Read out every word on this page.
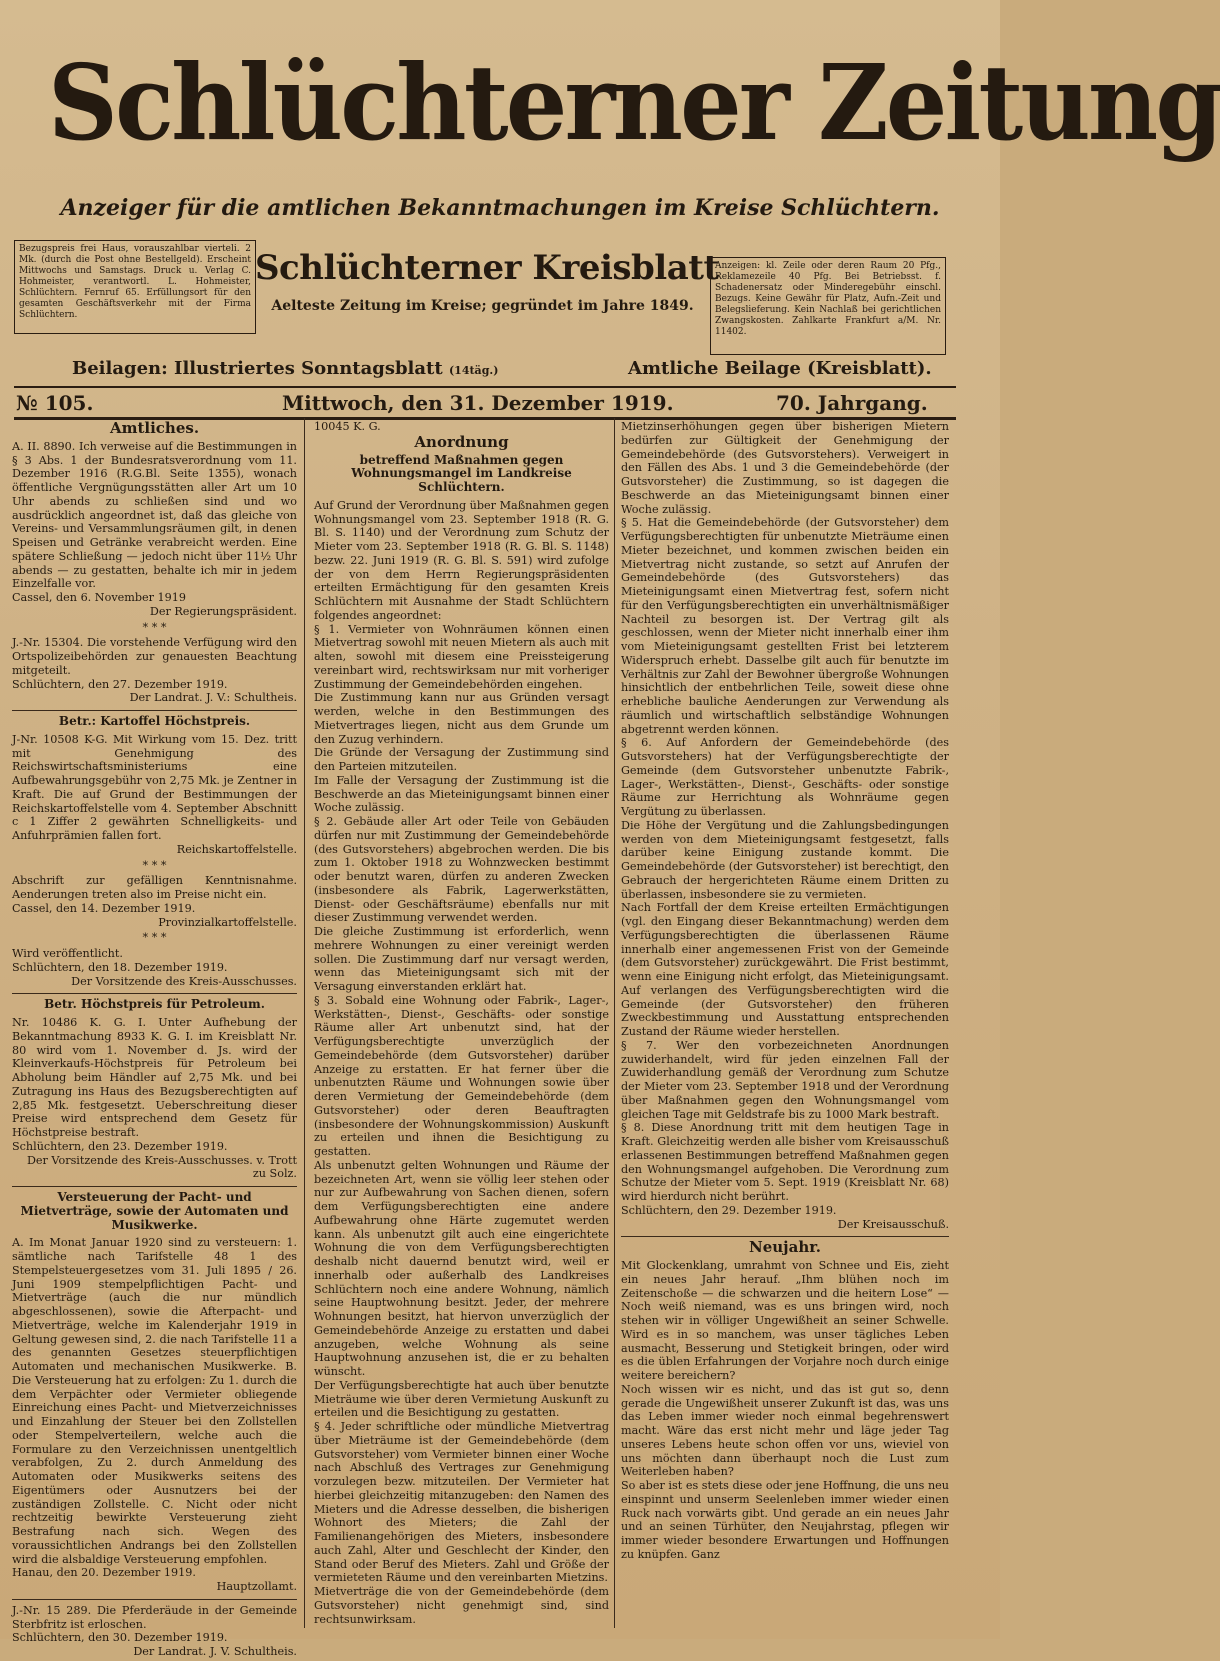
Schlüchterner Zeitung
Anzeiger für die amtlichen Bekanntmachungen im Kreise Schlüchtern.
Bezugspreis frei Haus, vorauszahlbar vierteli. 2 Mk. (durch die Post ohne Bestellgeld). Erscheint Mittwochs und Samstags. Druck u. Verlag C. Hohmeister, verantwortl. L. Hohmeister, Schlüchtern. Fernruf 65. Erfüllungsort für den gesamten Geschäftsverkehr mit der Firma Schlüchtern.
Schlüchterner Kreisblatt
Aelteste Zeitung im Kreise; gegründet im Jahre 1849.
Anzeigen: kl. Zeile oder deren Raum 20 Pfg., Reklamezeile 40 Pfg. Bei Betriebsst. f. Schadenersatz oder Minderegebühr einschl. Bezugs. Keine Gewähr für Platz, Aufn.-Zeit und Belegslieferung. Kein Nachlaß bei gerichtlichen Zwangskosten. Zahlkarte Frankfurt a/M. Nr. 11402.
Beilagen: Illustriertes Sonntagsblatt (14täg.)	Amtliche Beilage (Kreisblatt).
№ 105.	Mittwoch, den 31. Dezember 1919.	70. Jahrgang.
Amtliches.

A. II. 8890. Ich verweise auf die Bestimmungen in § 3 Abs. 1 der Bundesratsverordnung vom 11. Dezember 1916 (R.G.Bl. Seite 1355), wonach öffentliche Vergnügungsstätten aller Art um 10 Uhr abends zu schließen sind und wo ausdrücklich angeordnet ist, daß das gleiche von Vereins- und Versammlungsräumen gilt, in denen Speisen und Getränke verabreicht werden. Eine spätere Schließung — jedoch nicht über 11½ Uhr abends — zu gestatten, behalte ich mir in jedem Einzelfalle vor.

Cassel, den 6. November 1919

Der Regierungspräsident.

* * *

J.-Nr. 15304. Die vorstehende Verfügung wird den Ortspolizeibehörden zur genauesten Beachtung mitgeteilt.

Schlüchtern, den 27. Dezember 1919.

Der Landrat. J. V.: Schultheis.

Betr.: Kartoffel Höchstpreis.

J-Nr. 10508 K-G. Mit Wirkung vom 15. Dez. tritt mit Genehmigung des Reichswirtschaftsministeriums eine Aufbewahrungsgebühr von 2,75 Mk. je Zentner in Kraft. Die auf Grund der Bestimmungen der Reichskartoffelstelle vom 4. September Abschnitt c 1 Ziffer 2 gewährten Schnelligkeits- und Anfuhrprämien fallen fort.

Reichskartoffelstelle.

* * *

Abschrift zur gefälligen Kenntnisnahme. Aenderungen treten also im Preise nicht ein.

Cassel, den 14. Dezember 1919.

Provinzialkartoffelstelle.

* * *

Wird veröffentlicht.

Schlüchtern, den 18. Dezember 1919.

Der Vorsitzende des Kreis-Ausschusses.

Betr. Höchstpreis für Petroleum.

Nr. 10486 K. G. I. Unter Aufhebung der Bekanntmachung 8933 K. G. I. im Kreisblatt Nr. 80 wird vom 1. November d. Js. wird der Kleinverkaufs-Höchstpreis für Petroleum bei Abholung beim Händler auf 2,75 Mk. und bei Zutragung ins Haus des Bezugsberechtigten auf 2,85 Mk. festgesetzt. Ueberschreitung dieser Preise wird entsprechend dem Gesetz für Höchstpreise bestraft.

Schlüchtern, den 23. Dezember 1919.

Der Vorsitzende des Kreis-Ausschusses. v. Trott zu Solz.

Versteuerung der Pacht- und Mietverträge, sowie der Automaten und Musikwerke.

A. Im Monat Januar 1920 sind zu versteuern: 1. sämtliche nach Tarifstelle 48 1 des Stempelsteuergesetzes vom 31. Juli 1895 / 26. Juni 1909 stempelpflichtigen Pacht- und Mietverträge (auch die nur mündlich abgeschlossenen), sowie die Afterpacht- und Mietverträge, welche im Kalenderjahr 1919 in Geltung gewesen sind, 2. die nach Tarifstelle 11 a des genannten Gesetzes steuerpflichtigen Automaten und mechanischen Musikwerke. B. Die Versteuerung hat zu erfolgen: Zu 1. durch die dem Verpächter oder Vermieter obliegende Einreichung eines Pacht- und Mietverzeichnisses und Einzahlung der Steuer bei den Zollstellen oder Stempelverteilern, welche auch die Formulare zu den Verzeichnissen unentgeltlich verabfolgen, Zu 2. durch Anmeldung des Automaten oder Musikwerks seitens des Eigentümers oder Ausnutzers bei der zuständigen Zollstelle. C. Nicht oder nicht rechtzeitig bewirkte Versteuerung zieht Bestrafung nach sich. Wegen des voraussichtlichen Andrangs bei den Zollstellen wird die alsbaldige Versteuerung empfohlen.

Hanau, den 20. Dezember 1919.

Hauptzollamt.

J.-Nr. 15 289. Die Pferderäude in der Gemeinde Sterbfritz ist erloschen.

Schlüchtern, den 30. Dezember 1919.

Der Landrat. J. V. Schultheis.

10045 K. G.

Anordnung
betreffend Maßnahmen gegen Wohnungsmangel im Landkreise Schlüchtern.

Auf Grund der Verordnung über Maßnahmen gegen Wohnungsmangel vom 23. September 1918 (R. G. Bl. S. 1140) und der Verordnung zum Schutz der Mieter vom 23. September 1918 (R. G. Bl. S. 1148) bezw. 22. Juni 1919 (R. G. Bl. S. 591) wird zufolge der von dem Herrn Regierungspräsidenten erteilten Ermächtigung für den gesamten Kreis Schlüchtern mit Ausnahme der Stadt Schlüchtern folgendes angeordnet:

§ 1. Vermieter von Wohnräumen können einen Mietvertrag sowohl mit neuen Mietern als auch mit alten, sowohl mit diesem eine Preissteigerung vereinbart wird, rechtswirksam nur mit vorheriger Zustimmung der Gemeindebehörden eingehen.

Die Zustimmung kann nur aus Gründen versagt werden, welche in den Bestimmungen des Mietvertrages liegen, nicht aus dem Grunde um den Zuzug verhindern.

Die Gründe der Versagung der Zustimmung sind den Parteien mitzuteilen.

Im Falle der Versagung der Zustimmung ist die Beschwerde an das Mieteinigungsamt binnen einer Woche zulässig.

§ 2. Gebäude aller Art oder Teile von Gebäuden dürfen nur mit Zustimmung der Gemeindebehörde (des Gutsvorstehers) abgebrochen werden. Die bis zum 1. Oktober 1918 zu Wohnzwecken bestimmt oder benutzt waren, dürfen zu anderen Zwecken (insbesondere als Fabrik, Lagerwerkstätten, Dienst- oder Geschäftsräume) ebenfalls nur mit dieser Zustimmung verwendet werden.

Die gleiche Zustimmung ist erforderlich, wenn mehrere Wohnungen zu einer vereinigt werden sollen. Die Zustimmung darf nur versagt werden, wenn das Mieteinigungsamt sich mit der Versagung einverstanden erklärt hat.

§ 3. Sobald eine Wohnung oder Fabrik-, Lager-, Werkstätten-, Dienst-, Geschäfts- oder sonstige Räume aller Art unbenutzt sind, hat der Verfügungsberechtigte unverzüglich der Gemeindebehörde (dem Gutsvorsteher) darüber Anzeige zu erstatten. Er hat ferner über die unbenutzten Räume und Wohnungen sowie über deren Vermietung der Gemeindebehörde (dem Gutsvorsteher) oder deren Beauftragten (insbesondere der Wohnungskommission) Auskunft zu erteilen und ihnen die Besichtigung zu gestatten.

Als unbenutzt gelten Wohnungen und Räume der bezeichneten Art, wenn sie völlig leer stehen oder nur zur Aufbewahrung von Sachen dienen, sofern dem Verfügungsberechtigten eine andere Aufbewahrung ohne Härte zugemutet werden kann. Als unbenutzt gilt auch eine eingerichtete Wohnung die von dem Verfügungsberechtigten deshalb nicht dauernd benutzt wird, weil er innerhalb oder außerhalb des Landkreises Schlüchtern noch eine andere Wohnung, nämlich seine Hauptwohnung besitzt. Jeder, der mehrere Wohnungen besitzt, hat hiervon unverzüglich der Gemeindebehörde Anzeige zu erstatten und dabei anzugeben, welche Wohnung als seine Hauptwohnung anzusehen ist, die er zu behalten wünscht.

Der Verfügungsberechtigte hat auch über benutzte Mieträume wie über deren Vermietung Auskunft zu erteilen und die Besichtigung zu gestatten.

§ 4. Jeder schriftliche oder mündliche Mietvertrag über Mieträume ist der Gemeindebehörde (dem Gutsvorsteher) vom Vermieter binnen einer Woche nach Abschluß des Vertrages zur Genehmigung vorzulegen bezw. mitzuteilen. Der Vermieter hat hierbei gleichzeitig mitanzugeben: den Namen des Mieters und die Adresse desselben, die bisherigen Wohnort des Mieters; die Zahl der Familienangehörigen des Mieters, insbesondere auch Zahl, Alter und Geschlecht der Kinder, den Stand oder Beruf des Mieters. Zahl und Größe der vermieteten Räume und den vereinbarten Mietzins.

Mietverträge die von der Gemeindebehörde (dem Gutsvorsteher) nicht genehmigt sind, sind rechtsunwirksam.

Mietzinserhöhungen gegen über bisherigen Mietern bedürfen zur Gültigkeit der Genehmigung der Gemeindebehörde (des Gutsvorstehers). Verweigert in den Fällen des Abs. 1 und 3 die Gemeindebehörde (der Gutsvorsteher) die Zustimmung, so ist dagegen die Beschwerde an das Mieteinigungsamt binnen einer Woche zulässig.

§ 5. Hat die Gemeindebehörde (der Gutsvorsteher) dem Verfügungsberechtigten für unbenutzte Mieträume einen Mieter bezeichnet, und kommen zwischen beiden ein Mietvertrag nicht zustande, so setzt auf Anrufen der Gemeindebehörde (des Gutsvorstehers) das Mieteinigungsamt einen Mietvertrag fest, sofern nicht für den Verfügungsberechtigten ein unverhältnismäßiger Nachteil zu besorgen ist. Der Vertrag gilt als geschlossen, wenn der Mieter nicht innerhalb einer ihm vom Mieteinigungsamt gestellten Frist bei letzterem Widerspruch erhebt. Dasselbe gilt auch für benutzte im Verhältnis zur Zahl der Bewohner übergroße Wohnungen hinsichtlich der entbehrlichen Teile, soweit diese ohne erhebliche bauliche Aenderungen zur Verwendung als räumlich und wirtschaftlich selbständige Wohnungen abgetrennt werden können.

§ 6. Auf Anfordern der Gemeindebehörde (des Gutsvorstehers) hat der Verfügungsberechtigte der Gemeinde (dem Gutsvorsteher unbenutzte Fabrik-, Lager-, Werkstätten-, Dienst-, Geschäfts- oder sonstige Räume zur Herrichtung als Wohnräume gegen Vergütung zu überlassen.

Die Höhe der Vergütung und die Zahlungsbedingungen werden von dem Mieteinigungsamt festgesetzt, falls darüber keine Einigung zustande kommt. Die Gemeindebehörde (der Gutsvorsteher) ist berechtigt, den Gebrauch der hergerichteten Räume einem Dritten zu überlassen, insbesondere sie zu vermieten.

Nach Fortfall der dem Kreise erteilten Ermächtigungen (vgl. den Eingang dieser Bekanntmachung) werden dem Verfügungsberechtigten die überlassenen Räume innerhalb einer angemessenen Frist von der Gemeinde (dem Gutsvorsteher) zurückgewährt. Die Frist bestimmt, wenn eine Einigung nicht erfolgt, das Mieteinigungsamt. Auf verlangen des Verfügungsberechtigten wird die Gemeinde (der Gutsvorsteher) den früheren Zweckbestimmung und Ausstattung entsprechenden Zustand der Räume wieder herstellen.

§ 7. Wer den vorbezeichneten Anordnungen zuwiderhandelt, wird für jeden einzelnen Fall der Zuwiderhandlung gemäß der Verordnung zum Schutze der Mieter vom 23. September 1918 und der Verordnung über Maßnahmen gegen den Wohnungsmangel vom gleichen Tage mit Geldstrafe bis zu 1000 Mark bestraft.

§ 8. Diese Anordnung tritt mit dem heutigen Tage in Kraft. Gleichzeitig werden alle bisher vom Kreisausschuß erlassenen Bestimmungen betreffend Maßnahmen gegen den Wohnungsmangel aufgehoben. Die Verordnung zum Schutze der Mieter vom 5. Sept. 1919 (Kreisblatt Nr. 68) wird hierdurch nicht berührt.

Schlüchtern, den 29. Dezember 1919.

Der Kreisausschuß.

Neujahr.

Mit Glockenklang, umrahmt von Schnee und Eis, zieht ein neues Jahr herauf. „Ihm blühen noch im Zeitenschoße — die schwarzen und die heitern Lose“ — Noch weiß niemand, was es uns bringen wird, noch stehen wir in völliger Ungewißheit an seiner Schwelle. Wird es in so manchem, was unser tägliches Leben ausmacht, Besserung und Stetigkeit bringen, oder wird es die üblen Erfahrungen der Vorjahre noch durch einige weitere bereichern?

Noch wissen wir es nicht, und das ist gut so, denn gerade die Ungewißheit unserer Zukunft ist das, was uns das Leben immer wieder noch einmal begehrenswert macht. Wäre das erst nicht mehr und läge jeder Tag unseres Lebens heute schon offen vor uns, wieviel von uns möchten dann überhaupt noch die Lust zum Weiterleben haben?

So aber ist es stets diese oder jene Hoffnung, die uns neu einspinnt und unserm Seelenleben immer wieder einen Ruck nach vorwärts gibt. Und gerade an ein neues Jahr und an seinen Türhüter, den Neujahrstag, pflegen wir immer wieder besondere Erwartungen und Hoffnungen zu knüpfen. Ganz
